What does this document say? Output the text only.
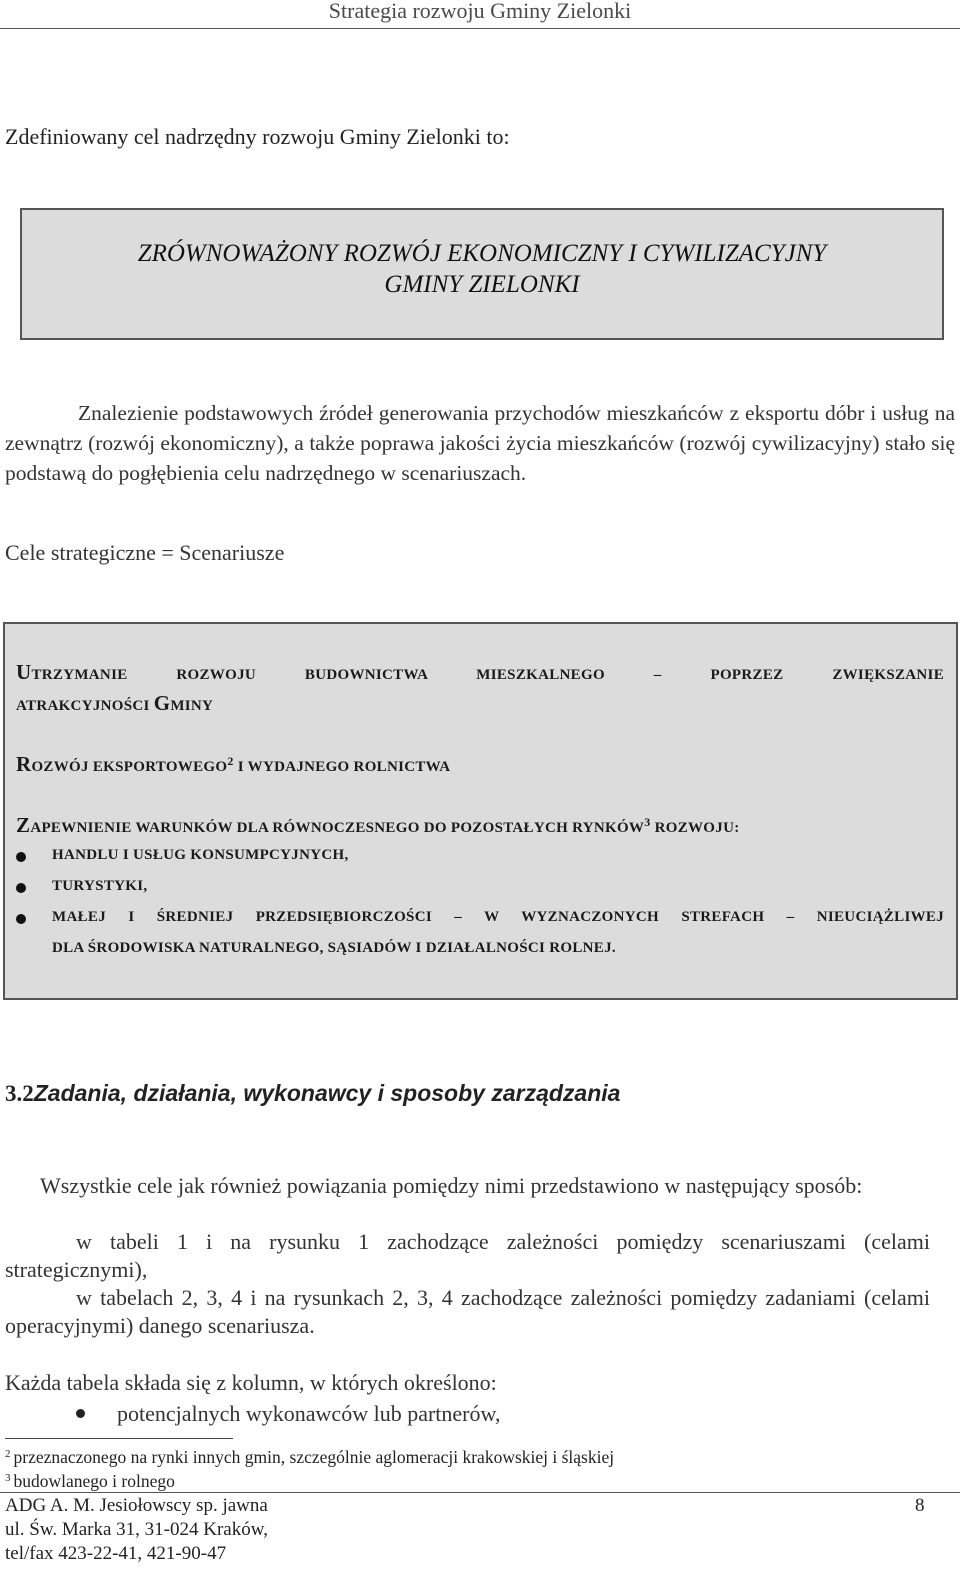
Strategia rozwoju Gminy Zielonki
Zdefiniowany cel nadrzędny rozwoju Gminy Zielonki to:
ZRÓWNOWAŻONY ROZWÓJ EKONOMICZNY I CYWILIZACYJNY
GMINY ZIELONKI
Znalezienie podstawowych źródeł generowania przychodów mieszkańców z eksportu dóbr i usług na zewnątrz (rozwój ekonomiczny), a także poprawa jakości życia mieszkańców (rozwój cywilizacyjny) stało się podstawą do pogłębienia celu nadrzędnego w scenariuszach.
Cele strategiczne = Scenariusze
UTRZYMANIE ROZWOJU BUDOWNICTWA MIESZKALNEGO – POPRZEZ ZWIĘKSZANIE
ATRAKCYJNOŚCI GMINY
ROZWÓJ EKSPORTOWEGO$^2$ I WYDAJNEGO ROLNICTWA
ZAPEWNIENIE WARUNKÓW DLA RÓWNOCZESNEGO DO POZOSTAŁYCH RYNKÓW$^3$ ROZWOJU:
HANDLU I USŁUG KONSUMPCYJNYCH,
TURYSTYKI,
MAŁEJ I ŚREDNIEJ PRZEDSIĘBIORCZOŚCI – W WYZNACZONYCH STREFACH – NIEUCIĄŻLIWEJ
DLA ŚRODOWISKA NATURALNEGO, SĄSIADÓW I DZIAŁALNOŚCI ROLNEJ.
3.2Zadania, działania, wykonawcy i sposoby zarządzania
Wszystkie cele jak również powiązania pomiędzy nimi przedstawiono w następujący sposób:
w tabeli 1 i na rysunku 1 zachodzące zależności pomiędzy scenariuszami (celami strategicznymi),
w tabelach 2, 3, 4 i na rysunkach 2, 3, 4 zachodzące zależności pomiędzy zadaniami (celami operacyjnymi) danego scenariusza.
Każda tabela składa się z kolumn, w których określono:
potencjalnych wykonawców lub partnerów,
$^2$ przeznaczonego na rynki innych gmin, szczególnie aglomeracji krakowskiej i śląskiej
$^3$ budowlanego i rolnego
ADG A. M. Jesiołowscy sp. jawna
ul. Św. Marka 31, 31-024 Kraków,
tel/fax 423-22-41, 421-90-47
8
